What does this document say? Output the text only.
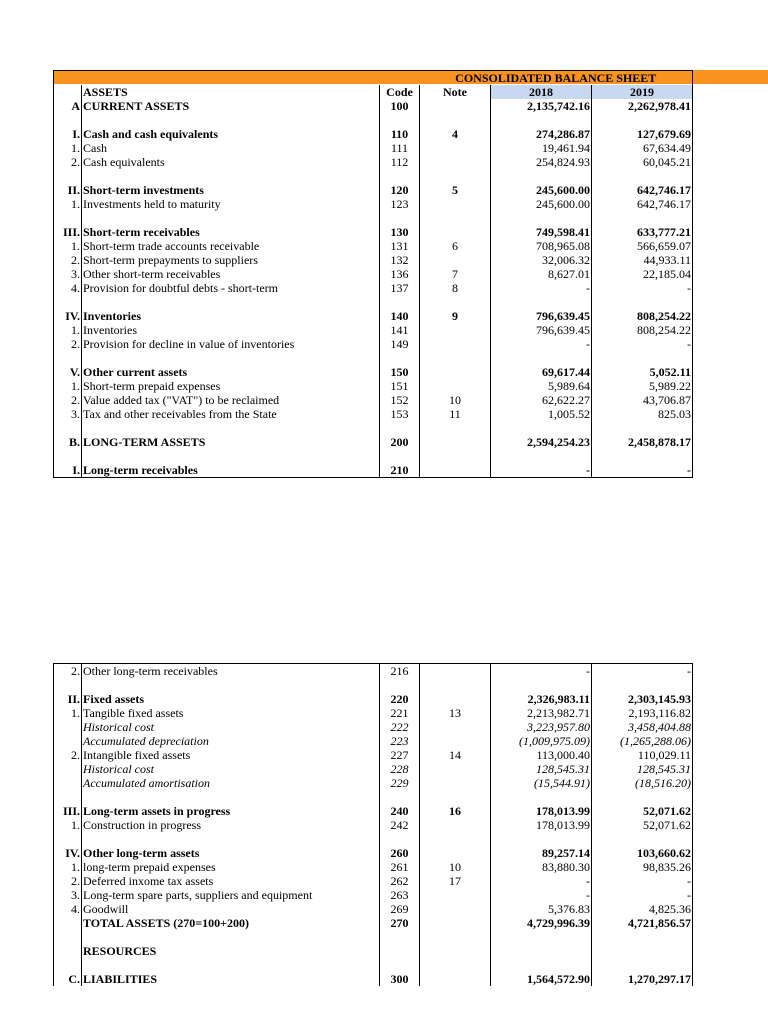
			CONSOLIDATED BALANCE SHEET		
	ASSETS	Code	Note	2018	2019
A	CURRENT ASSETS	100		2,135,742.16	2,262,978.41

I.	Cash and cash equivalents	110	4	274,286.87	127,679.69
1.	Cash	111		19,461.94	67,634.49
2.	Cash equivalents	112		254,824.93	60,045.21

II.	Short-term investments	120	5	245,600.00	642,746.17
1.	Investments held to maturity	123		245,600.00	642,746.17

III.	Short-term receivables	130		749,598.41	633,777.21
1.	Short-term trade accounts receivable	131	6	708,965.08	566,659.07
2.	Short-term prepayments to suppliers	132		32,006.32	44,933.11
3.	Other short-term receivables	136	7	8,627.01	22,185.04
4.	Provision for doubtful debts - short-term	137	8	-	-

IV.	Inventories	140	9	796,639.45	808,254.22
1.	Inventories	141		796,639.45	808,254.22
2.	Provision for decline in value of inventories	149		-	-

V.	Other current assets	150		69,617.44	5,052.11
1.	Short-term prepaid expenses	151		5,989.64	5,989.22
2.	Value added tax ("VAT") to be reclaimed	152	10	62,622.27	43,706.87
3.	Tax and other receivables from the State	153	11	1,005.52	825.03

B.	LONG-TERM ASSETS	200		2,594,254.23	2,458,878.17

I.	Long-term receivables	210		-	-
2.	Other long-term receivables	216		-	-

II.	Fixed assets	220		2,326,983.11	2,303,145.93
1.	Tangible fixed assets	221	13	2,213,982.71	2,193,116.82
	Historical cost	222		3,223,957.80	3,458,404.88
	Accumulated depreciation	223		(1,009,975.09)	(1,265,288.06)
2.	Intangible fixed assets	227	14	113,000.40	110,029.11
	Historical cost	228		128,545.31	128,545.31
	Accumulated amortisation	229		(15,544.91)	(18,516.20)

III.	Long-term assets in progress	240	16	178,013.99	52,071.62
1.	Construction in progress	242		178,013.99	52,071.62

IV.	Other long-term assets	260		89,257.14	103,660.62
1.	long-term prepaid expenses	261	10	83,880.30	98,835.26
2.	Deferred inxome tax assets	262	17	-	-
3.	Long-term spare parts, suppliers and equipment	263		-	-
4.	Goodwill	269		5,376.83	4,825.36
	TOTAL ASSETS (270=100+200)	270		4,729,996.39	4,721,856.57

	RESOURCES				

C.	LIABILITIES	300		1,564,572.90	1,270,297.17
